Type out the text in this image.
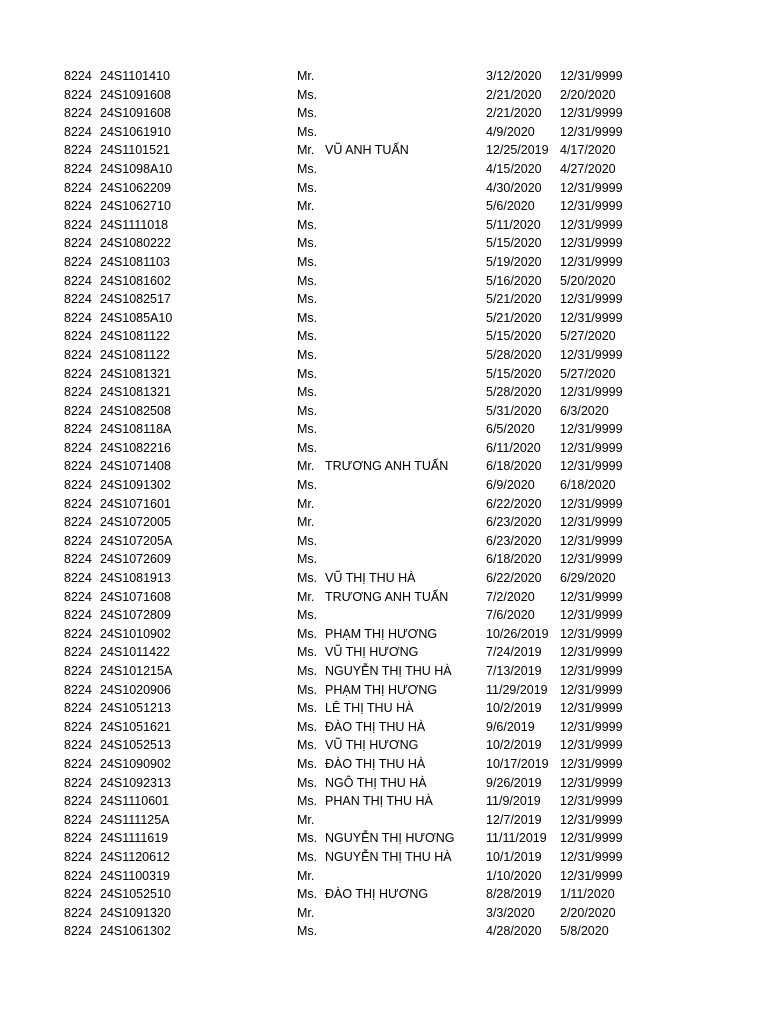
8224 24S1101410	Mr.	3/12/2020 12/31/9999
8224 24S1091608	Ms.	2/21/2020 2/20/2020
8224 24S1091608	Ms.	2/21/2020 12/31/9999
8224 24S1061910	Ms.	4/9/2020 12/31/9999
8224 24S1101521	Mr. VŨ ANH TUẤN	12/25/2019 4/17/2020
8224 24S1098A10	Ms.	4/15/2020 4/27/2020
8224 24S1062209	Ms.	4/30/2020 12/31/9999
8224 24S1062710	Mr.	5/6/2020 12/31/9999
8224 24S1111018	Ms.	5/11/2020 12/31/9999
8224 24S1080222	Ms.	5/15/2020 12/31/9999
8224 24S1081103	Ms.	5/19/2020 12/31/9999
8224 24S1081602	Ms.	5/16/2020 5/20/2020
8224 24S1082517	Ms.	5/21/2020 12/31/9999
8224 24S1085A10	Ms.	5/21/2020 12/31/9999
8224 24S1081122	Ms.	5/15/2020 5/27/2020
8224 24S1081122	Ms.	5/28/2020 12/31/9999
8224 24S1081321	Ms.	5/15/2020 5/27/2020
8224 24S1081321	Ms.	5/28/2020 12/31/9999
8224 24S1082508	Ms.	5/31/2020 6/3/2020
8224 24S108118A	Ms.	6/5/2020 12/31/9999
8224 24S1082216	Ms.	6/11/2020 12/31/9999
8224 24S1071408	Mr. TRƯƠNG ANH TUẤN	6/18/2020 12/31/9999
8224 24S1091302	Ms.	6/9/2020 6/18/2020
8224 24S1071601	Mr.	6/22/2020 12/31/9999
8224 24S1072005	Mr.	6/23/2020 12/31/9999
8224 24S107205A	Ms.	6/23/2020 12/31/9999
8224 24S1072609	Ms.	6/18/2020 12/31/9999
8224 24S1081913	Ms. VŨ THỊ THU HÀ	6/22/2020 6/29/2020
8224 24S1071608	Mr. TRƯƠNG ANH TUẤN	7/2/2020 12/31/9999
8224 24S1072809	Ms.	7/6/2020 12/31/9999
8224 24S1010902	Ms. PHẠM THỊ HƯƠNG	10/26/2019 12/31/9999
8224 24S1011422	Ms. VŨ THỊ HƯƠNG	7/24/2019 12/31/9999
8224 24S101215A	Ms. NGUYỄN THỊ THU HÀ	7/13/2019 12/31/9999
8224 24S1020906	Ms. PHẠM THỊ HƯƠNG	11/29/2019 12/31/9999
8224 24S1051213	Ms. LÊ THỊ THU HÀ	10/2/2019 12/31/9999
8224 24S1051621	Ms. ĐÀO THỊ THU HÀ	9/6/2019 12/31/9999
8224 24S1052513	Ms. VŨ THỊ HƯƠNG	10/2/2019 12/31/9999
8224 24S1090902	Ms. ĐÀO THỊ THU HÀ	10/17/2019 12/31/9999
8224 24S1092313	Ms. NGÔ THỊ THU HÀ	9/26/2019 12/31/9999
8224 24S1110601	Ms. PHAN THỊ THU HÀ	11/9/2019 12/31/9999
8224 24S111125A	Mr.	12/7/2019 12/31/9999
8224 24S1111619	Ms. NGUYỄN THỊ HƯƠNG	11/11/2019 12/31/9999
8224 24S1120612	Ms. NGUYỄN THỊ THU HÀ	10/1/2019 12/31/9999
8224 24S1100319	Mr.	1/10/2020 12/31/9999
8224 24S1052510	Ms. ĐÀO THỊ HƯƠNG	8/28/2019 1/11/2020
8224 24S1091320	Mr.	3/3/2020 2/20/2020
8224 24S1061302	Ms.	4/28/2020 5/8/2020
